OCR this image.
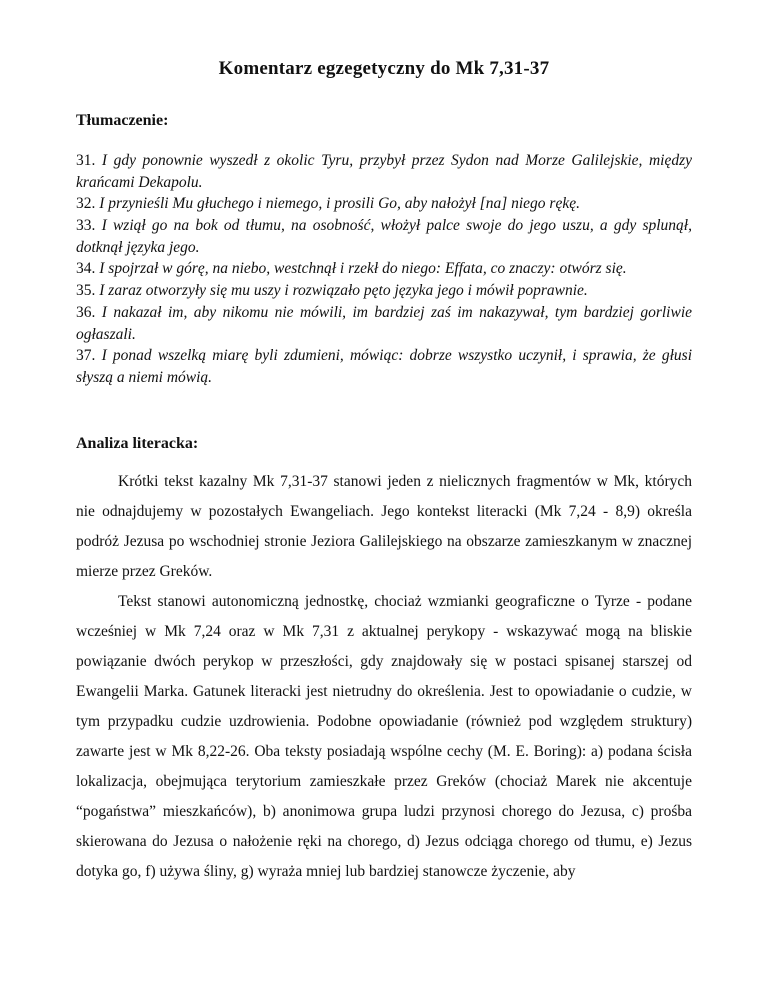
Komentarz egzegetyczny do Mk 7,31-37
Tłumaczenie:

31. I gdy ponownie wyszedł z okolic Tyru, przybył przez Sydon nad Morze Galilejskie, między krańcami Dekapolu.

32. I przynieśli Mu głuchego i niemego, i prosili Go, aby nałożył [na] niego rękę.

33. I wziął go na bok od tłumu, na osobność, włożył palce swoje do jego uszu, a gdy splunął, dotknął języka jego.

34. I spojrzał w górę, na niebo, westchnął i rzekł do niego: Effata, co znaczy: otwórz się.

35. I zaraz otworzyły się mu uszy i rozwiązało pęto języka jego i mówił poprawnie.

36. I nakazał im, aby nikomu nie mówili, im bardziej zaś im nakazywał, tym bardziej gorliwie ogłaszali.

37. I ponad wszelką miarę byli zdumieni, mówiąc: dobrze wszystko uczynił, i sprawia, że głusi słyszą a niemi mówią.

Analiza literacka:

Krótki tekst kazalny Mk 7,31-37 stanowi jeden z nielicznych fragmentów w Mk, których nie odnajdujemy w pozostałych Ewangeliach. Jego kontekst literacki (Mk 7,24 - 8,9) określa podróż Jezusa po wschodniej stronie Jeziora Galilejskiego na obszarze zamieszkanym w znacznej mierze przez Greków.

Tekst stanowi autonomiczną jednostkę, chociaż wzmianki geograficzne o Tyrze - podane wcześniej w Mk 7,24 oraz w Mk 7,31 z aktualnej perykopy - wskazywać mogą na bliskie powiązanie dwóch perykop w przeszłości, gdy znajdowały się w postaci spisanej starszej od Ewangelii Marka. Gatunek literacki jest nietrudny do określenia. Jest to opowiadanie o cudzie, w tym przypadku cudzie uzdrowienia. Podobne opowiadanie (również pod względem struktury) zawarte jest w Mk 8,22-26. Oba teksty posiadają wspólne cechy (M. E. Boring): a) podana ścisła lokalizacja, obejmująca terytorium zamieszkałe przez Greków (chociaż Marek nie akcentuje “pogaństwa” mieszkańców), b) anonimowa grupa ludzi przynosi chorego do Jezusa, c) prośba skierowana do Jezusa o nałożenie ręki na chorego, d) Jezus odciąga chorego od tłumu, e) Jezus dotyka go, f) używa śliny, g) wyraża mniej lub bardziej stanowcze życzenie, aby
